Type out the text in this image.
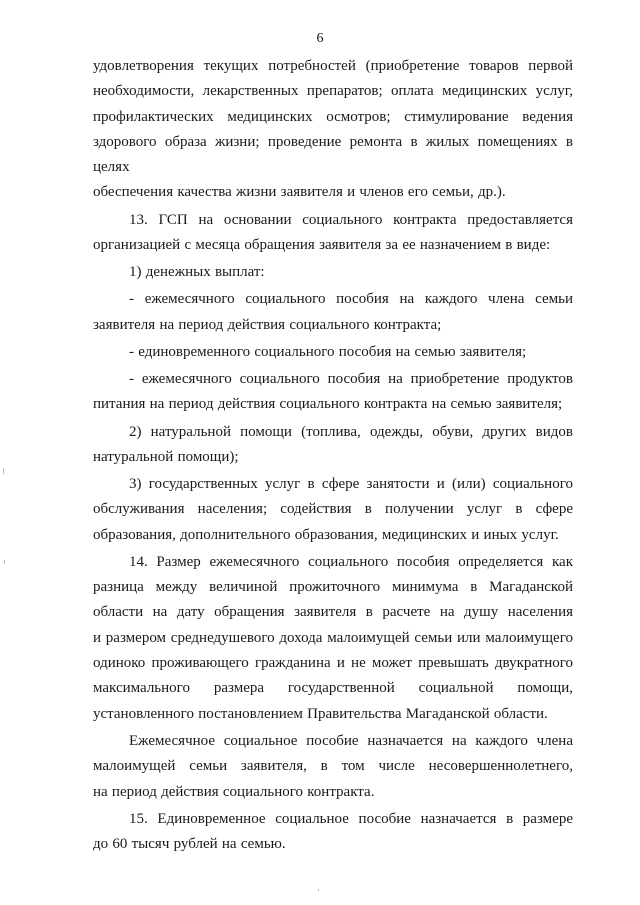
6
удовлетворения текущих потребностей (приобретение товаров первой
необходимости, лекарственных препаратов; оплата медицинских услуг,
профилактических медицинских осмотров; стимулирование ведения
здорового образа жизни; проведение ремонта в жилых помещениях в целях
обеспечения качества жизни заявителя и членов его семьи, др.).
13. ГСП на основании социального контракта предоставляется
организацией с месяца обращения заявителя за ее назначением в виде:
1) денежных выплат:
- ежемесячного социального пособия на каждого члена семьи
заявителя на период действия социального контракта;
- единовременного социального пособия на семью заявителя;
- ежемесячного социального пособия на приобретение продуктов
питания на период действия социального контракта на семью заявителя;
2) натуральной помощи (топлива, одежды, обуви, других видов
натуральной помощи);
3) государственных услуг в сфере занятости и (или) социального
обслуживания населения; содействия в получении услуг в сфере
образования, дополнительного образования, медицинских и иных услуг.
14. Размер ежемесячного социального пособия определяется как
разница между величиной прожиточного минимума в Магаданской
области на дату обращения заявителя в расчете на душу населения
и размером среднедушевого дохода малоимущей семьи или малоимущего
одиноко проживающего гражданина и не может превышать двукратного
максимального размера государственной социальной помощи,
установленного постановлением Правительства Магаданской области.
Ежемесячное социальное пособие назначается на каждого члена
малоимущей семьи заявителя, в том числе несовершеннолетнего,
на период действия социального контракта.
15. Единовременное социальное пособие назначается в размере
до 60 тысяч рублей на семью.
